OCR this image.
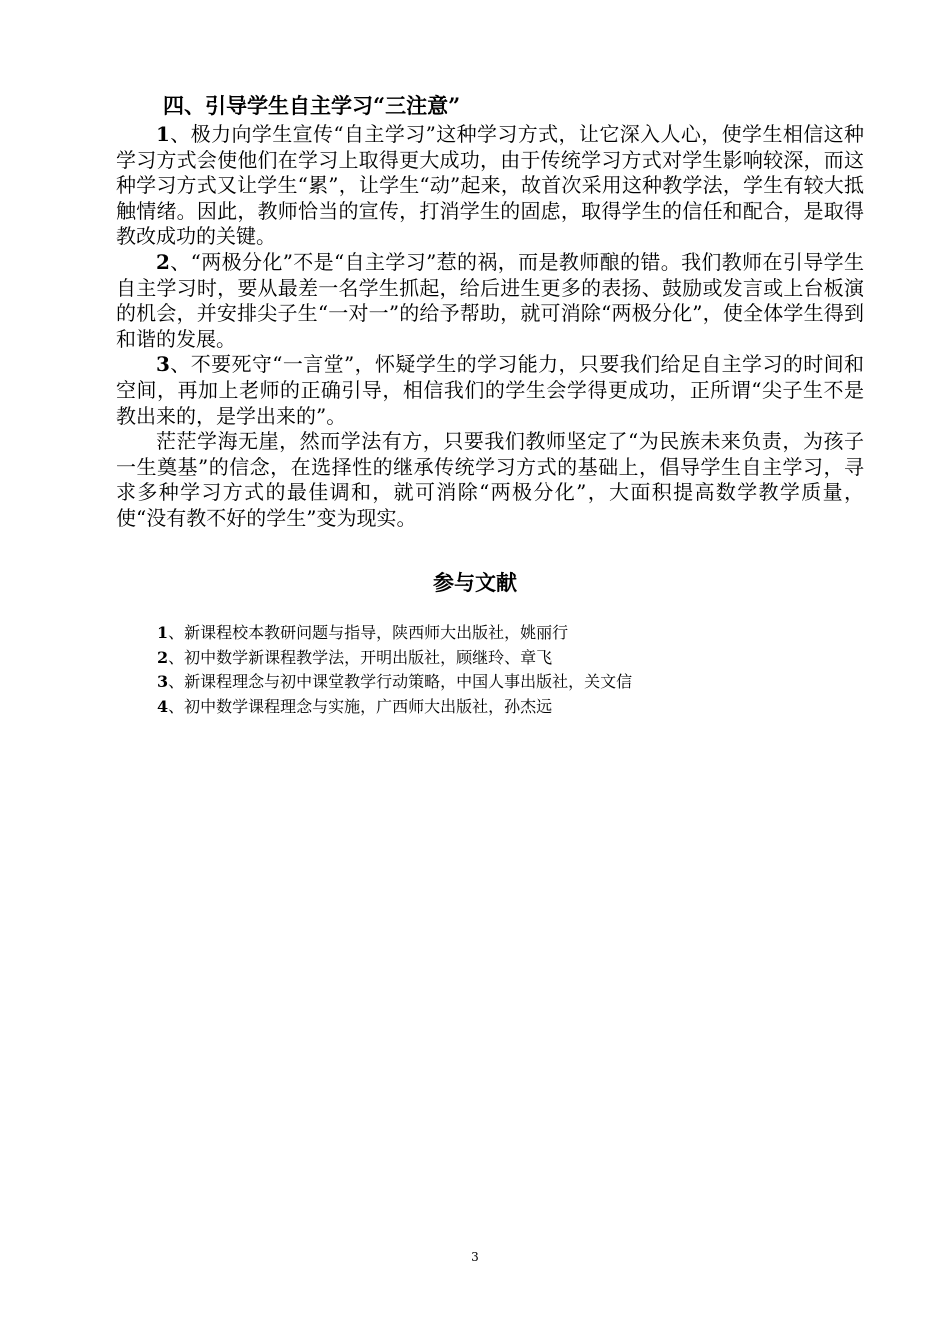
四、引导学生自主学习“三注意”

1、极力向学生宣传“自主学习”这种学习方式，让它深入人心，使学生相信这种学习方式会使他们在学习上取得更大成功，由于传统学习方式对学生影响较深，而这种学习方式又让学生“累”，让学生“动”起来，故首次采用这种教学法，学生有较大抵触情绪。因此，教师恰当的宣传，打消学生的固虑，取得学生的信任和配合，是取得教改成功的关键。

2、“两极分化”不是“自主学习”惹的祸，而是教师酿的错。我们教师在引导学生自主学习时，要从最差一名学生抓起，给后进生更多的表扬、鼓励或发言或上台板演的机会，并安排尖子生“一对一”的给予帮助，就可消除“两极分化”，使全体学生得到和谐的发展。

3、不要死守“一言堂”，怀疑学生的学习能力，只要我们给足自主学习的时间和空间，再加上老师的正确引导，相信我们的学生会学得更成功，正所谓“尖子生不是教出来的，是学出来的”。

茫茫学海无崖，然而学法有方，只要我们教师坚定了“为民族未来负责，为孩子一生奠基”的信念，在选择性的继承传统学习方式的基础上，倡导学生自主学习，寻求多种学习方式的最佳调和，就可消除“两极分化”，大面积提高数学教学质量，使“没有教不好的学生”变为现实。

参与文献
1、新课程校本教研问题与指导，陕西师大出版社，姚丽行
2、初中数学新课程教学法，开明出版社，顾继玲、章飞
3、新课程理念与初中课堂教学行动策略，中国人事出版社，关文信
4、初中数学课程理念与实施，广西师大出版社，孙杰远
3
